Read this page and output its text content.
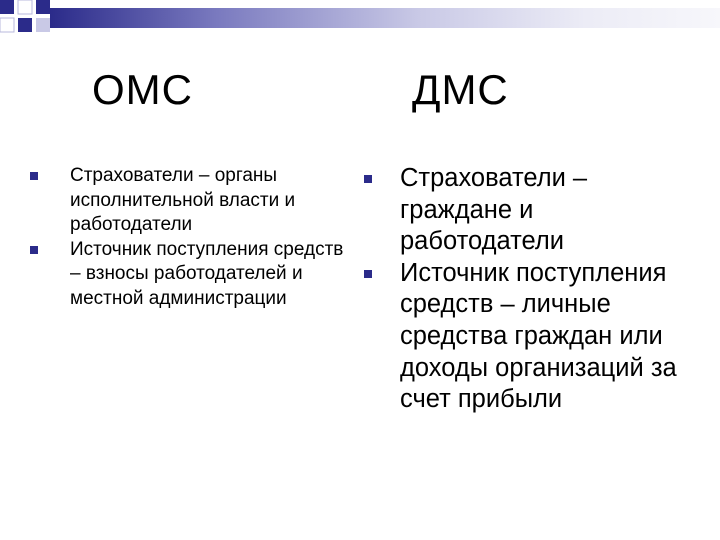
ОМС	ДМС
Страхователи – органы исполнительной власти и работодатели
Источник поступления средств – взносы работодателей и местной администрации
Страхователи – граждане и работодатели
Источник поступления средств – личные средства граждан или доходы организаций за счет прибыли
